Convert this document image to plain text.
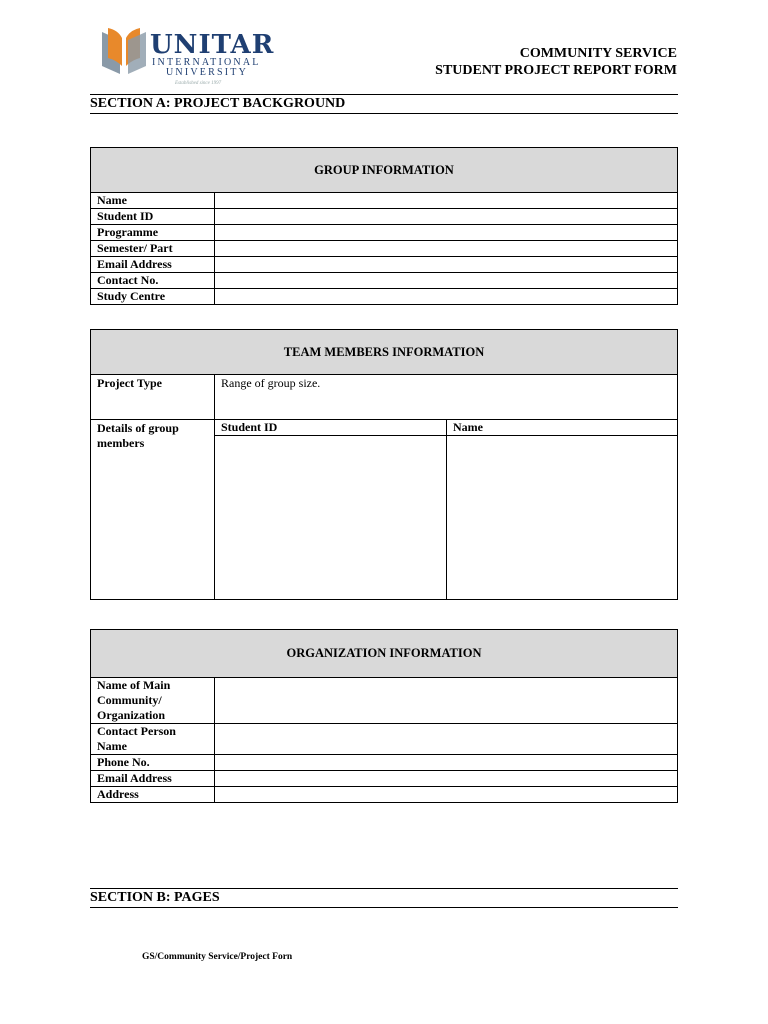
UNITAR
INTERNATIONAL
UNIVERSITY
Established since 1997
COMMUNITY SERVICE
STUDENT PROJECT REPORT FORM
SECTION A: PROJECT BACKGROUND
GROUP INFORMATION	
Name	
Student ID	
Programme	
Semester/ Part	
Email Address	
Contact No.	
Study Centre	
TEAM MEMBERS INFORMATION		
Project Type	Range of group size.	
Details of group members	Student ID	Name

ORGANIZATION INFORMATION	
Name of Main Community/ Organization	
Contact Person Name	
Phone No.	
Email Address	
Address	
SECTION B: PAGES
GS/Community Service/Project Forn
